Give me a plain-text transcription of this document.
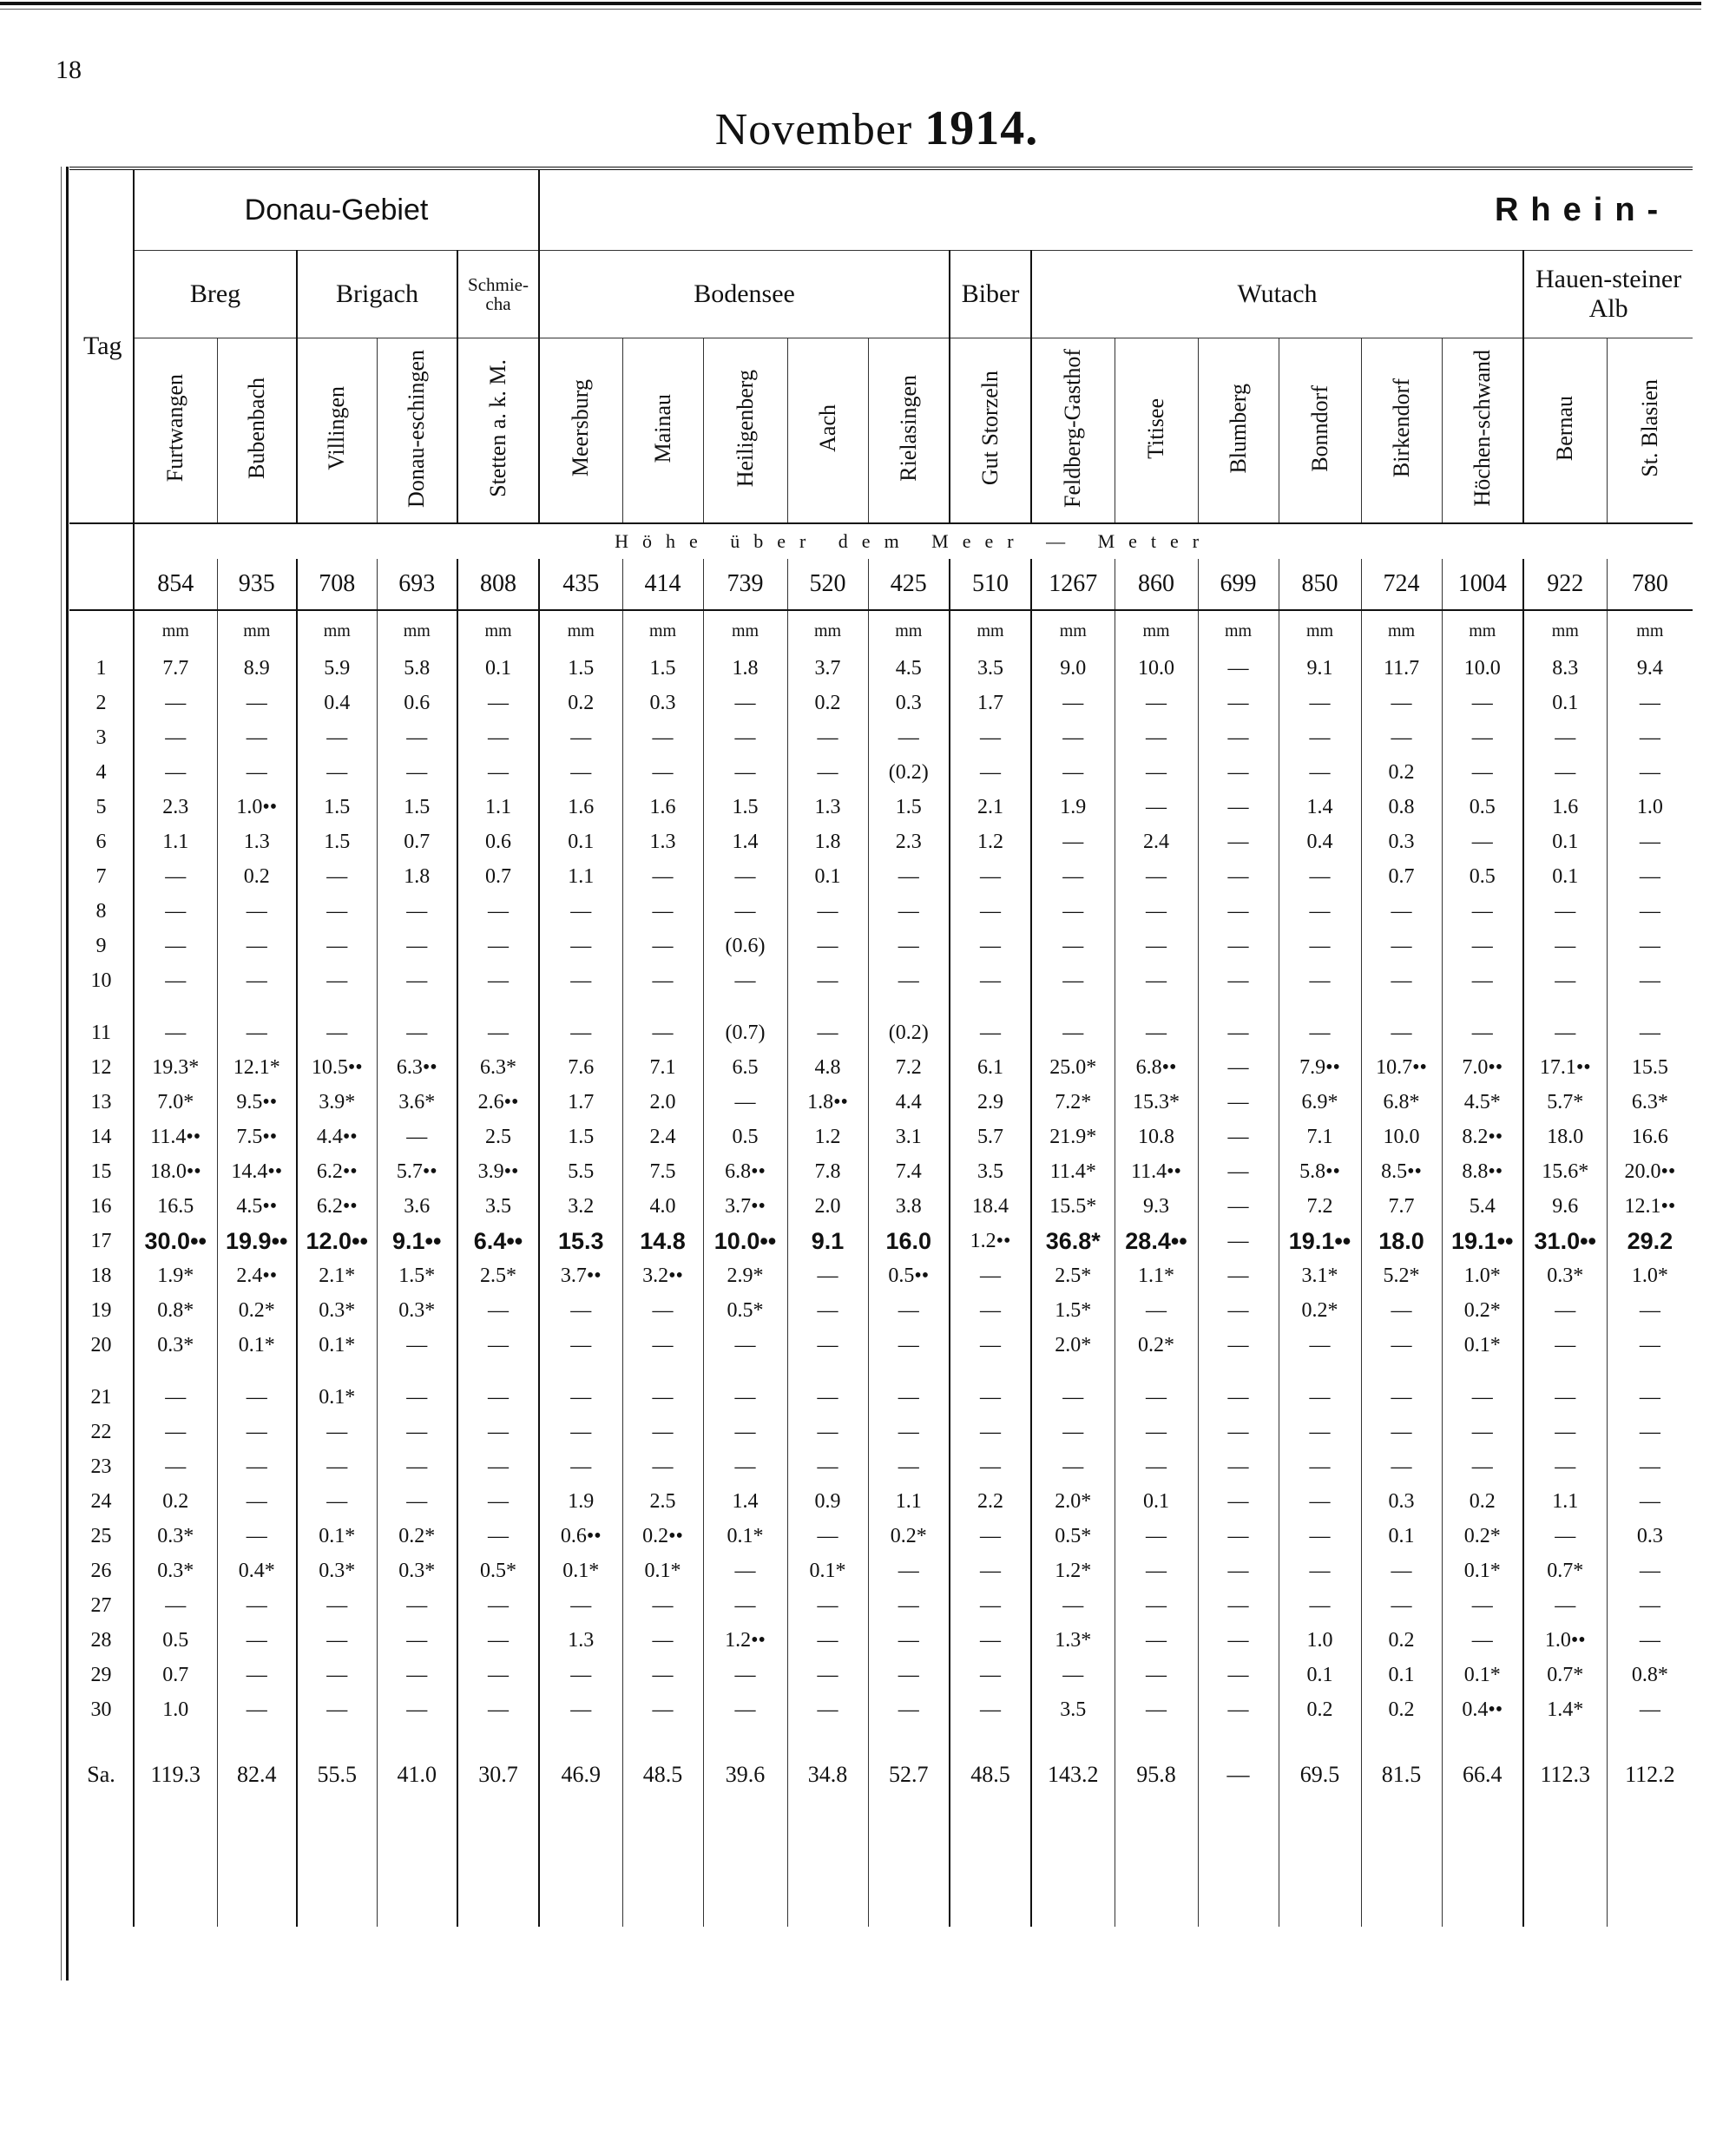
18
November 1914.
Tag	Donau-Gebiet					Rhein-													
	Breg		Brigach		Schmie-cha	Bodensee					Biber	Wutach						Hauen-steiner Alb	
	Furtwangen	Bubenbach	Villingen	Donau-eschingen	Stetten a. k. M.	Meersburg	Mainau	Heiligenberg	Aach	Rielasingen	Gut Storzeln	Feldberg-Gasthof	Titisee	Blumberg	Bonndorf	Birkendorf	Höchen-schwand	Bernau	St. Blasien
	Höhe über dem Meer — Meter																		
	854	935	708	693	808	435	414	739	520	425	510	1267	860	699	850	724	1004	922	780
	mm	mm	mm	mm	mm	mm	mm	mm	mm	mm	mm	mm	mm	mm	mm	mm	mm	mm	mm
1	7.7	8.9	5.9	5.8	0.1	1.5	1.5	1.8	3.7	4.5	3.5	9.0	10.0	—	9.1	11.7	10.0	8.3	9.4
2	—	—	0.4	0.6	—	0.2	0.3	—	0.2	0.3	1.7	—	—	—	—	—	—	0.1	—
3	—	—	—	—	—	—	—	—	—	—	—	—	—	—	—	—	—	—	—
4	—	—	—	—	—	—	—	—	—	(0.2)	—	—	—	—	—	0.2	—	—	—
5	2.3	1.0••	1.5	1.5	1.1	1.6	1.6	1.5	1.3	1.5	2.1	1.9	—	—	1.4	0.8	0.5	1.6	1.0
6	1.1	1.3	1.5	0.7	0.6	0.1	1.3	1.4	1.8	2.3	1.2	—	2.4	—	0.4	0.3	—	0.1	—
7	—	0.2	—	1.8	0.7	1.1	—	—	0.1	—	—	—	—	—	—	0.7	0.5	0.1	—
8	—	—	—	—	—	—	—	—	—	—	—	—	—	—	—	—	—	—	—
9	—	—	—	—	—	—	—	(0.6)	—	—	—	—	—	—	—	—	—	—	—
10	—	—	—	—	—	—	—	—	—	—	—	—	—	—	—	—	—	—	—

11	—	—	—	—	—	—	—	(0.7)	—	(0.2)	—	—	—	—	—	—	—	—	—
12	19.3*	12.1*	10.5••	6.3••	6.3*	7.6	7.1	6.5	4.8	7.2	6.1	25.0*	6.8••	—	7.9••	10.7••	7.0••	17.1••	15.5
13	7.0*	9.5••	3.9*	3.6*	2.6••	1.7	2.0	—	1.8••	4.4	2.9	7.2*	15.3*	—	6.9*	6.8*	4.5*	5.7*	6.3*
14	11.4••	7.5••	4.4••	—	2.5	1.5	2.4	0.5	1.2	3.1	5.7	21.9*	10.8	—	7.1	10.0	8.2••	18.0	16.6
15	18.0••	14.4••	6.2••	5.7••	3.9••	5.5	7.5	6.8••	7.8	7.4	3.5	11.4*	11.4••	—	5.8••	8.5••	8.8••	15.6*	20.0••
16	16.5	4.5••	6.2••	3.6	3.5	3.2	4.0	3.7••	2.0	3.8	18.4	15.5*	9.3	—	7.2	7.7	5.4	9.6	12.1••
17	30.0••	19.9••	12.0••	9.1••	6.4••	15.3	14.8	10.0••	9.1	16.0	1.2••	36.8*	28.4••	—	19.1••	18.0	19.1••	31.0••	29.2
18	1.9*	2.4••	2.1*	1.5*	2.5*	3.7••	3.2••	2.9*	—	0.5••	—	2.5*	1.1*	—	3.1*	5.2*	1.0*	0.3*	1.0*
19	0.8*	0.2*	0.3*	0.3*	—	—	—	0.5*	—	—	—	1.5*	—	—	0.2*	—	0.2*	—	—
20	0.3*	0.1*	0.1*	—	—	—	—	—	—	—	—	2.0*	0.2*	—	—	—	0.1*	—	—

21	—	—	0.1*	—	—	—	—	—	—	—	—	—	—	—	—	—	—	—	—
22	—	—	—	—	—	—	—	—	—	—	—	—	—	—	—	—	—	—	—
23	—	—	—	—	—	—	—	—	—	—	—	—	—	—	—	—	—	—	—
24	0.2	—	—	—	—	1.9	2.5	1.4	0.9	1.1	2.2	2.0*	0.1	—	—	0.3	0.2	1.1	—
25	0.3*	—	0.1*	0.2*	—	0.6••	0.2••	0.1*	—	0.2*	—	0.5*	—	—	—	0.1	0.2*	—	0.3
26	0.3*	0.4*	0.3*	0.3*	0.5*	0.1*	0.1*	—	0.1*	—	—	1.2*	—	—	—	—	0.1*	0.7*	—
27	—	—	—	—	—	—	—	—	—	—	—	—	—	—	—	—	—	—	—
28	0.5	—	—	—	—	1.3	—	1.2••	—	—	—	1.3*	—	—	1.0	0.2	—	1.0••	—
29	0.7	—	—	—	—	—	—	—	—	—	—	—	—	—	0.1	0.1	0.1*	0.7*	0.8*
30	1.0	—	—	—	—	—	—	—	—	—	—	3.5	—	—	0.2	0.2	0.4••	1.4*	—

Sa.	119.3	82.4	55.5	41.0	30.7	46.9	48.5	39.6	34.8	52.7	48.5	143.2	95.8	—	69.5	81.5	66.4	112.3	112.2
